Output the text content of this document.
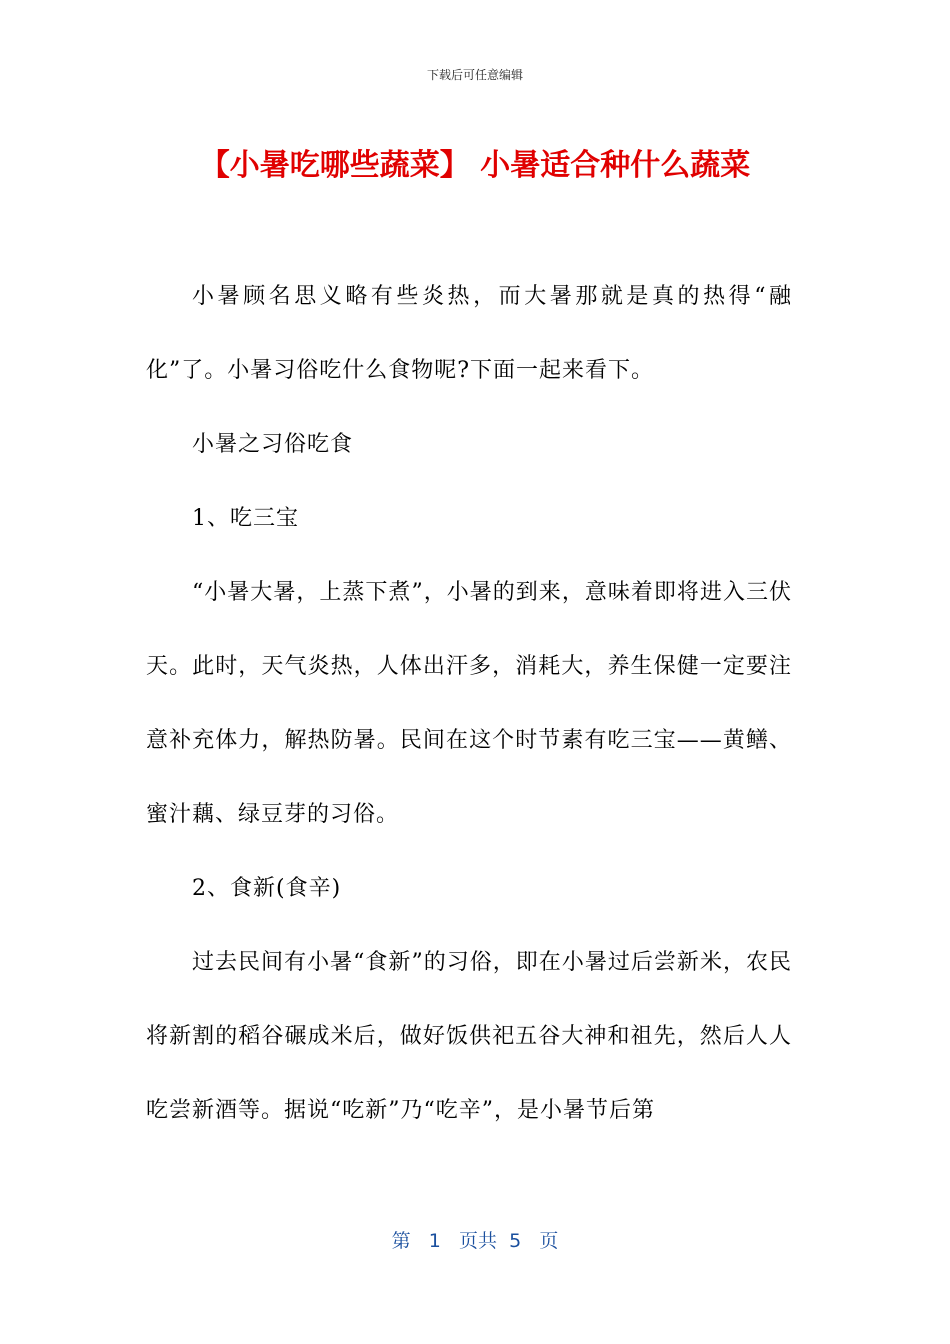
下载后可任意编辑
【小暑吃哪些蔬菜】 小暑适合种什么蔬菜

小暑顾名思义略有些炎热，而大暑那就是真的热得“融化”了。小暑习俗吃什么食物呢?下面一起来看下。

小暑之习俗吃食

1、吃三宝

“小暑大暑，上蒸下煮”，小暑的到来，意味着即将进入三伏天。此时，天气炎热，人体出汗多，消耗大，养生保健一定要注意补充体力，解热防暑。民间在这个时节素有吃三宝——黄鳝、蜜汁藕、绿豆芽的习俗。

2、食新(食辛)

过去民间有小暑“食新”的习俗，即在小暑过后尝新米，农民将新割的稻谷碾成米后，做好饭供祀五谷大神和祖先，然后人人吃尝新酒等。据说“吃新”乃“吃辛”，是小暑节后第

第 1 页共 5 页
